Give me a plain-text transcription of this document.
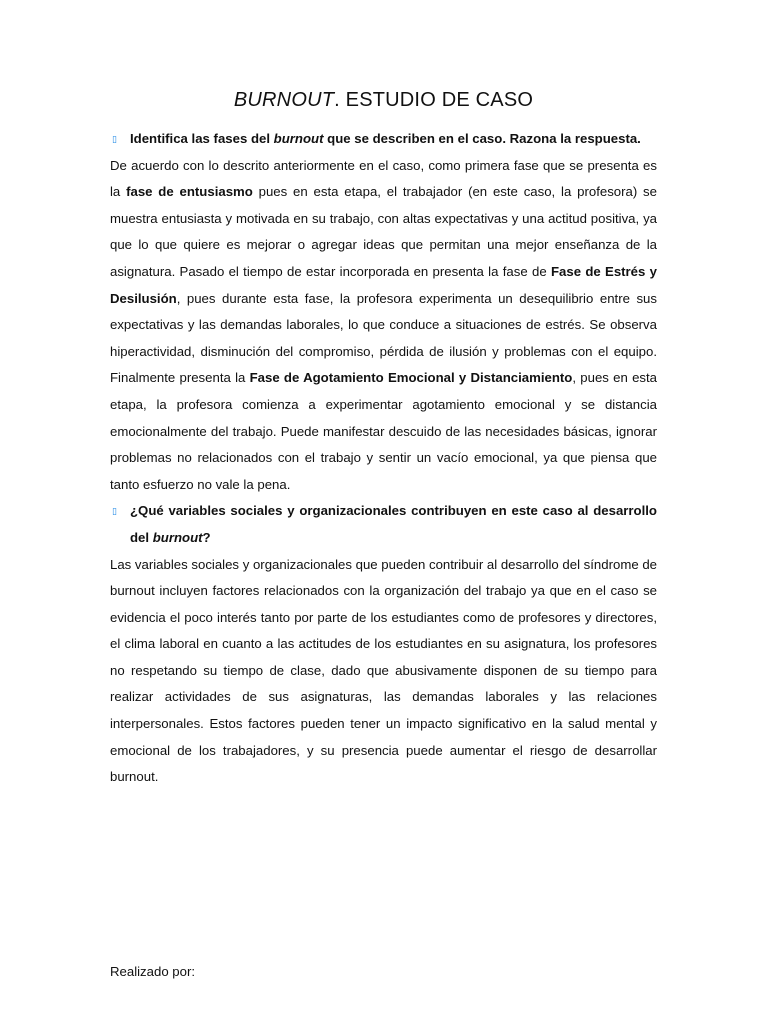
BURNOUT. ESTUDIO DE CASO
▯ Identifica las fases del burnout que se describen en el caso. Razona la respuesta.

De acuerdo con lo descrito anteriormente en el caso, como primera fase que se presenta es la fase de entusiasmo pues en esta etapa, el trabajador (en este caso, la profesora) se muestra entusiasta y motivada en su trabajo, con altas expectativas y una actitud positiva, ya que lo que quiere es mejorar o agregar ideas que permitan una mejor enseñanza de la asignatura. Pasado el tiempo de estar incorporada en presenta la fase de Fase de Estrés y Desilusión, pues durante esta fase, la profesora experimenta un desequilibrio entre sus expectativas y las demandas laborales, lo que conduce a situaciones de estrés. Se observa hiperactividad, disminución del compromiso, pérdida de ilusión y problemas con el equipo. Finalmente presenta la Fase de Agotamiento Emocional y Distanciamiento, pues en esta etapa, la profesora comienza a experimentar agotamiento emocional y se distancia emocionalmente del trabajo. Puede manifestar descuido de las necesidades básicas, ignorar problemas no relacionados con el trabajo y sentir un vacío emocional, ya que piensa que tanto esfuerzo no vale la pena.

▯ ¿Qué variables sociales y organizacionales contribuyen en este caso al desarrollo del burnout?

Las variables sociales y organizacionales que pueden contribuir al desarrollo del síndrome de burnout incluyen factores relacionados con la organización del trabajo ya que en el caso se evidencia el poco interés tanto por parte de los estudiantes como de profesores y directores, el clima laboral en cuanto a las actitudes de los estudiantes en su asignatura, los profesores no respetando su tiempo de clase, dado que abusivamente disponen de su tiempo para realizar actividades de sus asignaturas, las demandas laborales y las relaciones interpersonales. Estos factores pueden tener un impacto significativo en la salud mental y emocional de los trabajadores, y su presencia puede aumentar el riesgo de desarrollar burnout.

Realizado por:
